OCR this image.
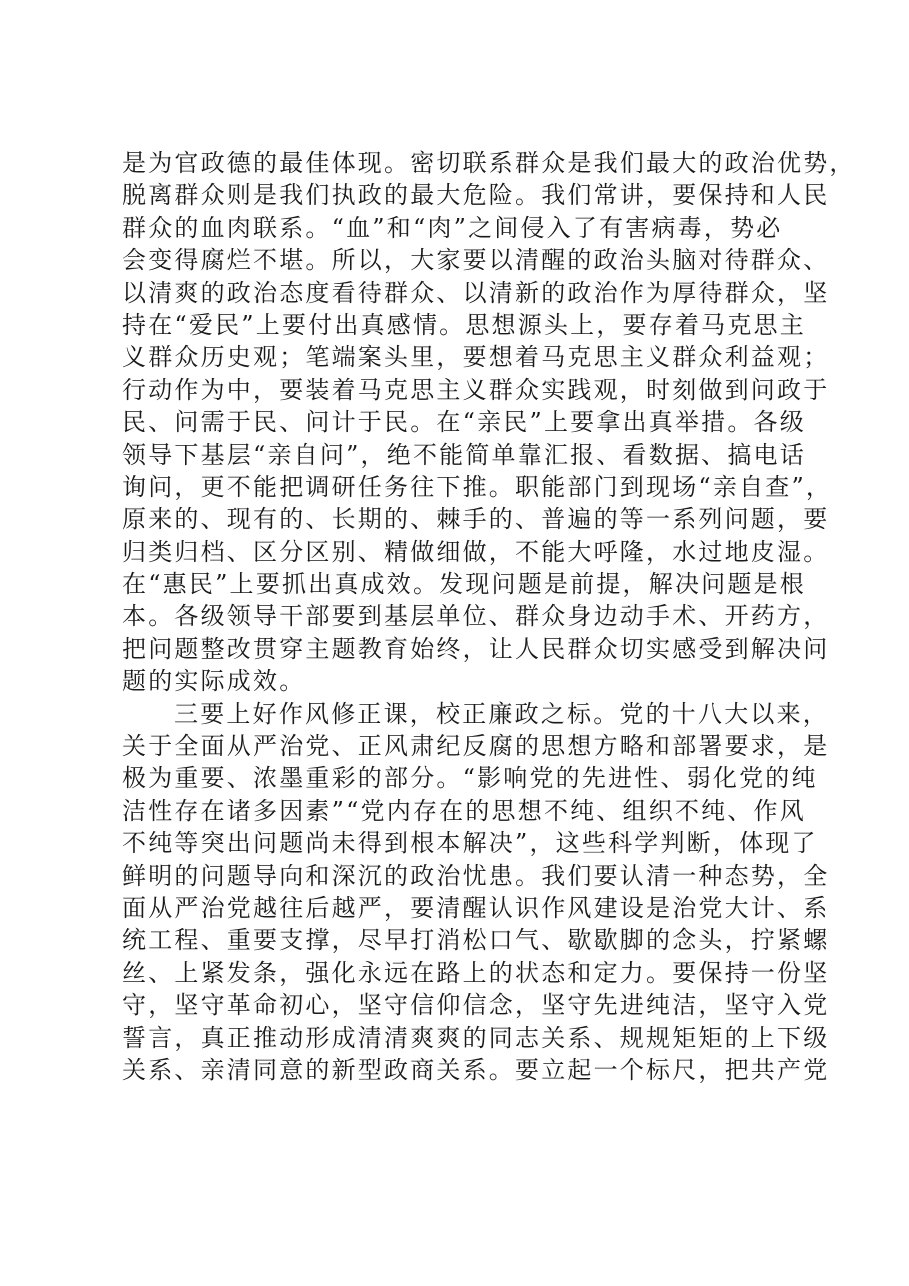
是为官政德的最佳体现。密切联系群众是我们最大的政治优势，
脱离群众则是我们执政的最大危险。我们常讲，要保持和人民
群众的血肉联系。“血”和“肉”之间侵入了有害病毒，势必
会变得腐烂不堪。所以，大家要以清醒的政治头脑对待群众、
以清爽的政治态度看待群众、以清新的政治作为厚待群众，坚
持在“爱民”上要付出真感情。思想源头上，要存着马克思主
义群众历史观；笔端案头里，要想着马克思主义群众利益观；
行动作为中，要装着马克思主义群众实践观，时刻做到问政于
民、问需于民、问计于民。在“亲民”上要拿出真举措。各级
领导下基层“亲自问”，绝不能简单靠汇报、看数据、搞电话
询问，更不能把调研任务往下推。职能部门到现场“亲自查”，
原来的、现有的、长期的、棘手的、普遍的等一系列问题，要
归类归档、区分区别、精做细做，不能大呼隆，水过地皮湿。
在“惠民”上要抓出真成效。发现问题是前提，解决问题是根
本。各级领导干部要到基层单位、群众身边动手术、开药方，
把问题整改贯穿主题教育始终，让人民群众切实感受到解决问
题的实际成效。
三要上好作风修正课，校正廉政之标。党的十八大以来，
关于全面从严治党、正风肃纪反腐的思想方略和部署要求，是
极为重要、浓墨重彩的部分。“影响党的先进性、弱化党的纯
洁性存在诸多因素”“党内存在的思想不纯、组织不纯、作风
不纯等突出问题尚未得到根本解决”，这些科学判断，体现了
鲜明的问题导向和深沉的政治忧患。我们要认清一种态势，全
面从严治党越往后越严，要清醒认识作风建设是治党大计、系
统工程、重要支撑，尽早打消松口气、歇歇脚的念头，拧紧螺
丝、上紧发条，强化永远在路上的状态和定力。要保持一份坚
守，坚守革命初心，坚守信仰信念，坚守先进纯洁，坚守入党
誓言，真正推动形成清清爽爽的同志关系、规规矩矩的上下级
关系、亲清同意的新型政商关系。要立起一个标尺，把共产党
